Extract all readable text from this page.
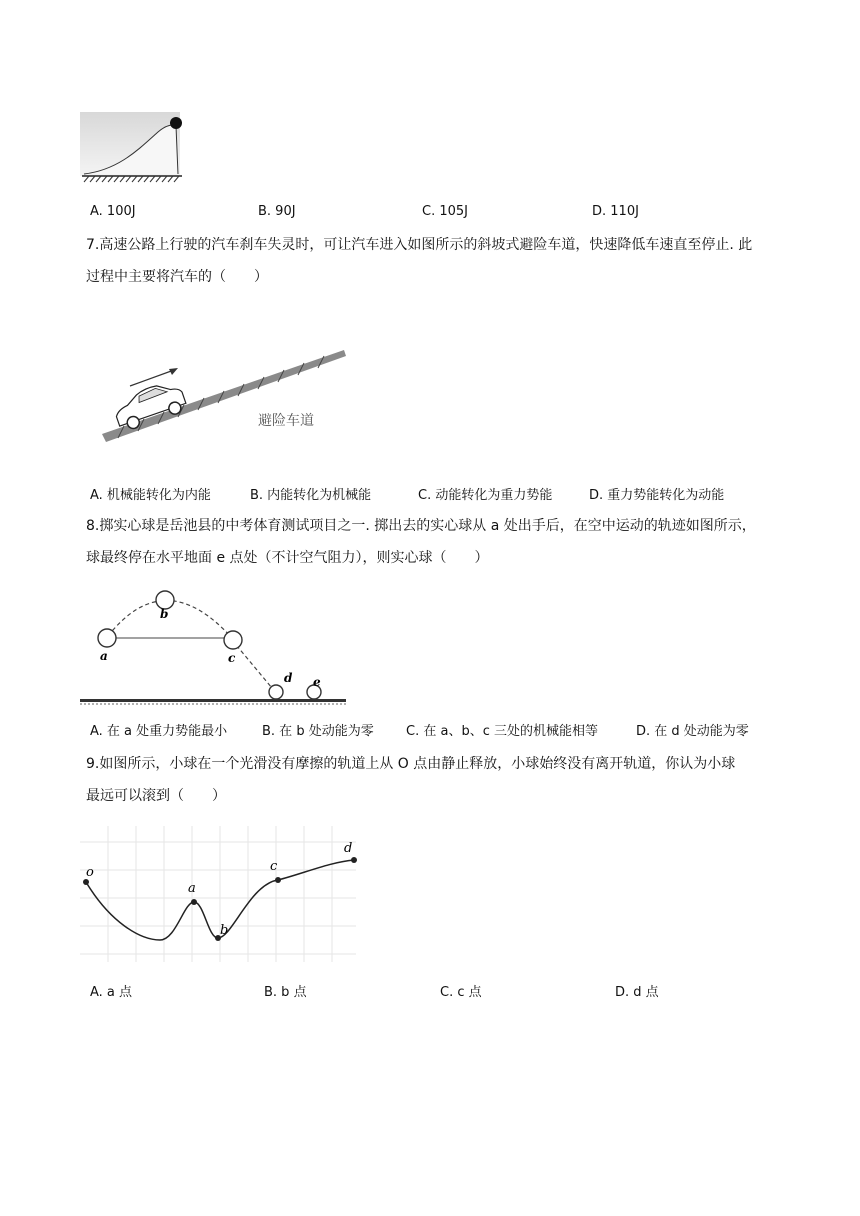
A. 100J	B. 90J	C. 105J	D. 110J
7.高速公路上行驶的汽车刹车失灵时，可让汽车进入如图所示的斜坡式避险车道，快速降低车速直至停止. 此
过程中主要将汽车的（　　）
避险车道
A. 机械能转化为内能	B. 内能转化为机械能	C. 动能转化为重力势能	D. 重力势能转化为动能
8.掷实心球是岳池县的中考体育测试项目之一. 掷出去的实心球从 a 处出手后，在空中运动的轨迹如图所示，
球最终停在水平地面 e 点处（不计空气阻力），则实心球（　　）
a
b
c
d e
A. 在 a 处重力势能最小	B. 在 b 处动能为零 C. 在 a、b、c 三处的机械能相等	D. 在 d 处动能为零
9.如图所示，小球在一个光滑没有摩擦的轨道上从 O 点由静止释放，小球始终没有离开轨道，你认为小球
最远可以滚到（　　）
o
a
b
c
d
A. a 点	B. b 点	C. c 点	D. d 点
